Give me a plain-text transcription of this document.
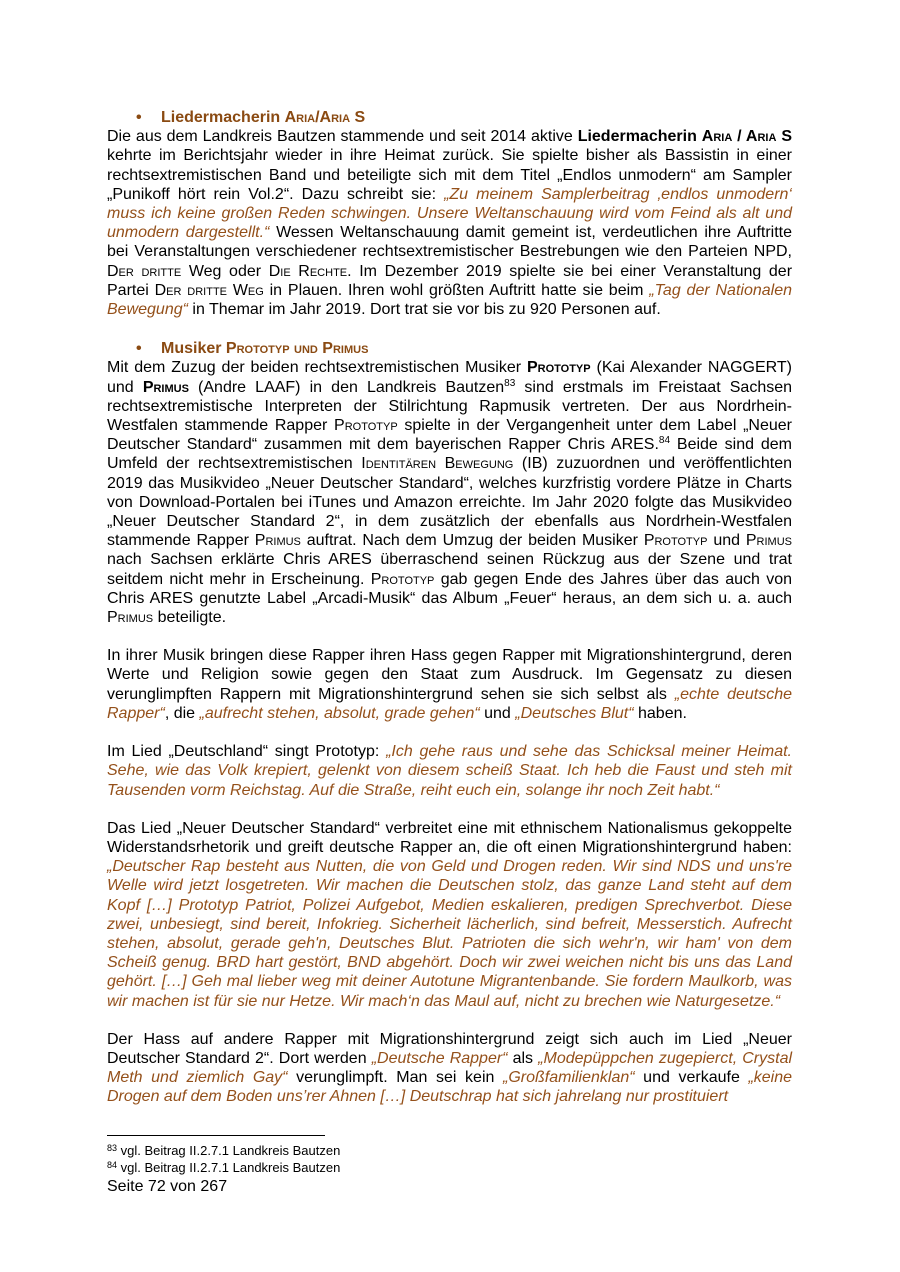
• Liedermacherin Aria/Aria S

Die aus dem Landkreis Bautzen stammende und seit 2014 aktive Liedermacherin Aria / Aria S kehrte im Berichtsjahr wieder in ihre Heimat zurück. Sie spielte bisher als Bassistin in einer rechtsextremistischen Band und beteiligte sich mit dem Titel „Endlos unmodern“ am Sampler „Punikoff hört rein Vol.2“. Dazu schreibt sie: „Zu meinem Samplerbeitrag ‚endlos unmodern‘ muss ich keine großen Reden schwingen. Unsere Weltanschauung wird vom Feind als alt und unmodern dargestellt.“ Wessen Weltanschauung damit gemeint ist, verdeutlichen ihre Auftritte bei Veranstaltungen verschiedener rechtsextremistischer Bestrebungen wie den Parteien NPD, Der dritte Weg oder Die Rechte. Im Dezember 2019 spielte sie bei einer Veranstaltung der Partei Der dritte Weg in Plauen. Ihren wohl größten Auftritt hatte sie beim „Tag der Nationalen Bewegung“ in Themar im Jahr 2019. Dort trat sie vor bis zu 920 Personen auf.

• Musiker Prototyp und Primus

Mit dem Zuzug der beiden rechtsextremistischen Musiker Prototyp (Kai Alexander NAGGERT) und Primus (Andre LAAF) in den Landkreis Bautzen$^{83}$ sind erstmals im Freistaat Sachsen rechtsextremistische Interpreten der Stilrichtung Rapmusik vertreten. Der aus Nordrhein-Westfalen stammende Rapper Prototyp spielte in der Vergangenheit unter dem Label „Neuer Deutscher Standard“ zusammen mit dem bayerischen Rapper Chris ARES.$^{84}$ Beide sind dem Umfeld der rechtsextremistischen Identitären Bewegung (IB) zuzuordnen und veröffentlichten 2019 das Musikvideo „Neuer Deutscher Standard“, welches kurzfristig vordere Plätze in Charts von Download-Portalen bei iTunes und Amazon erreichte. Im Jahr 2020 folgte das Musikvideo „Neuer Deutscher Standard 2“, in dem zusätzlich der ebenfalls aus Nordrhein-Westfalen stammende Rapper Primus auftrat. Nach dem Umzug der beiden Musiker Prototyp und Primus nach Sachsen erklärte Chris ARES überraschend seinen Rückzug aus der Szene und trat seitdem nicht mehr in Erscheinung. Prototyp gab gegen Ende des Jahres über das auch von Chris ARES genutzte Label „Arcadi-Musik“ das Album „Feuer“ heraus, an dem sich u. a. auch Primus beteiligte.

In ihrer Musik bringen diese Rapper ihren Hass gegen Rapper mit Migrationshintergrund, deren Werte und Religion sowie gegen den Staat zum Ausdruck. Im Gegensatz zu diesen verunglimpften Rappern mit Migrationshintergrund sehen sie sich selbst als „echte deutsche Rapper“, die „aufrecht stehen, absolut, grade gehen“ und „Deutsches Blut“ haben.

Im Lied „Deutschland“ singt Prototyp: „Ich gehe raus und sehe das Schicksal meiner Heimat. Sehe, wie das Volk krepiert, gelenkt von diesem scheiß Staat. Ich heb die Faust und steh mit Tausenden vorm Reichstag. Auf die Straße, reiht euch ein, solange ihr noch Zeit habt.“

Das Lied „Neuer Deutscher Standard“ verbreitet eine mit ethnischem Nationalismus gekoppelte Widerstandsrhetorik und greift deutsche Rapper an, die oft einen Migrationshintergrund haben: „Deutscher Rap besteht aus Nutten, die von Geld und Drogen reden. Wir sind NDS und uns're Welle wird jetzt losgetreten. Wir machen die Deutschen stolz, das ganze Land steht auf dem Kopf […] Prototyp Patriot, Polizei Aufgebot, Medien eskalieren, predigen Sprechverbot. Diese zwei, unbesiegt, sind bereit, Infokrieg. Sicherheit lächerlich, sind befreit, Messerstich. Aufrecht stehen, absolut, gerade geh'n, Deutsches Blut. Patrioten die sich wehr'n, wir ham' von dem Scheiß genug. BRD hart gestört, BND abgehört. Doch wir zwei weichen nicht bis uns das Land gehört. […] Geh mal lieber weg mit deiner Autotune Migrantenbande. Sie fordern Maulkorb, was wir machen ist für sie nur Hetze. Wir mach‘n das Maul auf, nicht zu brechen wie Naturgesetze.“

Der Hass auf andere Rapper mit Migrationshintergrund zeigt sich auch im Lied „Neuer Deutscher Standard 2“. Dort werden „Deutsche Rapper“ als „Modepüppchen zugepierct, Crystal Meth und ziemlich Gay“ verunglimpft. Man sei kein „Großfamilienklan“ und verkaufe „keine Drogen auf dem Boden uns’rer Ahnen […] Deutschrap hat sich jahrelang nur prostituiert

$^{83}$ vgl. Beitrag II.2.7.1 Landkreis Bautzen
$^{84}$ vgl. Beitrag II.2.7.1 Landkreis Bautzen
Seite 72 von 267
